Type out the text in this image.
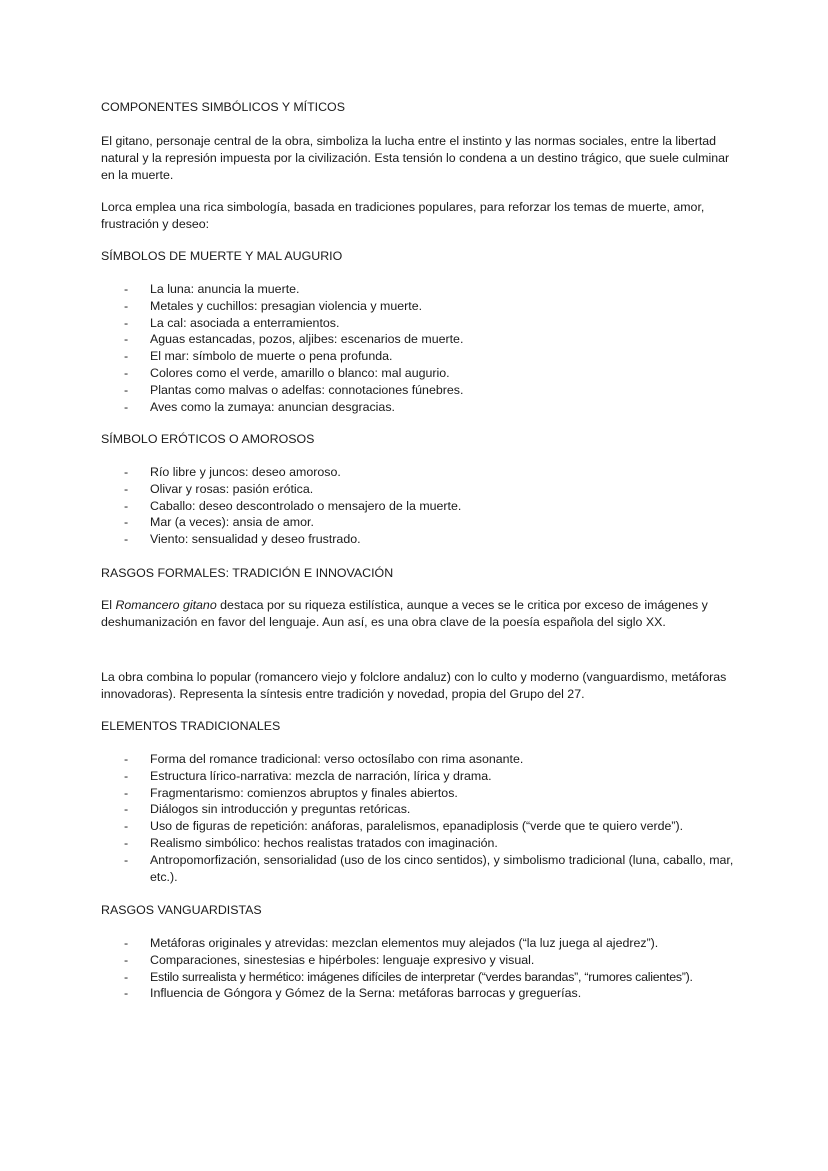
COMPONENTES SIMBÓLICOS Y MÍTICOS

El gitano, personaje central de la obra, simboliza la lucha entre el instinto y las normas sociales, entre la libertad natural y la represión impuesta por la civilización. Esta tensión lo condena a un destino trágico, que suele culminar en la muerte.

Lorca emplea una rica simbología, basada en tradiciones populares, para reforzar los temas de muerte, amor, frustración y deseo:

SÍMBOLOS DE MUERTE Y MAL AUGURIO
- La luna: anuncia la muerte.
- Metales y cuchillos: presagian violencia y muerte.
- La cal: asociada a enterramientos.
- Aguas estancadas, pozos, aljibes: escenarios de muerte.
- El mar: símbolo de muerte o pena profunda.
- Colores como el verde, amarillo o blanco: mal augurio.
- Plantas como malvas o adelfas: connotaciones fúnebres.
- Aves como la zumaya: anuncian desgracias.
SÍMBOLO ERÓTICOS O AMOROSOS
- Río libre y juncos: deseo amoroso.
- Olivar y rosas: pasión erótica.
- Caballo: deseo descontrolado o mensajero de la muerte.
- Mar (a veces): ansia de amor.
- Viento: sensualidad y deseo frustrado.
RASGOS FORMALES: TRADICIÓN E INNOVACIÓN

El Romancero gitano destaca por su riqueza estilística, aunque a veces se le critica por exceso de imágenes y deshumanización en favor del lenguaje. Aun así, es una obra clave de la poesía española del siglo XX.

La obra combina lo popular (romancero viejo y folclore andaluz) con lo culto y moderno (vanguardismo, metáforas innovadoras). Representa la síntesis entre tradición y novedad, propia del Grupo del 27.

ELEMENTOS TRADICIONALES
- Forma del romance tradicional: verso octosílabo con rima asonante.
- Estructura lírico-narrativa: mezcla de narración, lírica y drama.
- Fragmentarismo: comienzos abruptos y finales abiertos.
- Diálogos sin introducción y preguntas retóricas.
- Uso de figuras de repetición: anáforas, paralelismos, epanadiplosis (“verde que te quiero verde”).
- Realismo simbólico: hechos realistas tratados con imaginación.
- Antropomorfización, sensorialidad (uso de los cinco sentidos), y simbolismo tradicional (luna, caballo, mar, etc.).
RASGOS VANGUARDISTAS
- Metáforas originales y atrevidas: mezclan elementos muy alejados (“la luz juega al ajedrez”).
- Comparaciones, sinestesias e hipérboles: lenguaje expresivo y visual.
- Estilo surrealista y hermético: imágenes difíciles de interpretar (“verdes barandas”, “rumores calientes”).
- Influencia de Góngora y Gómez de la Serna: metáforas barrocas y greguerías.
